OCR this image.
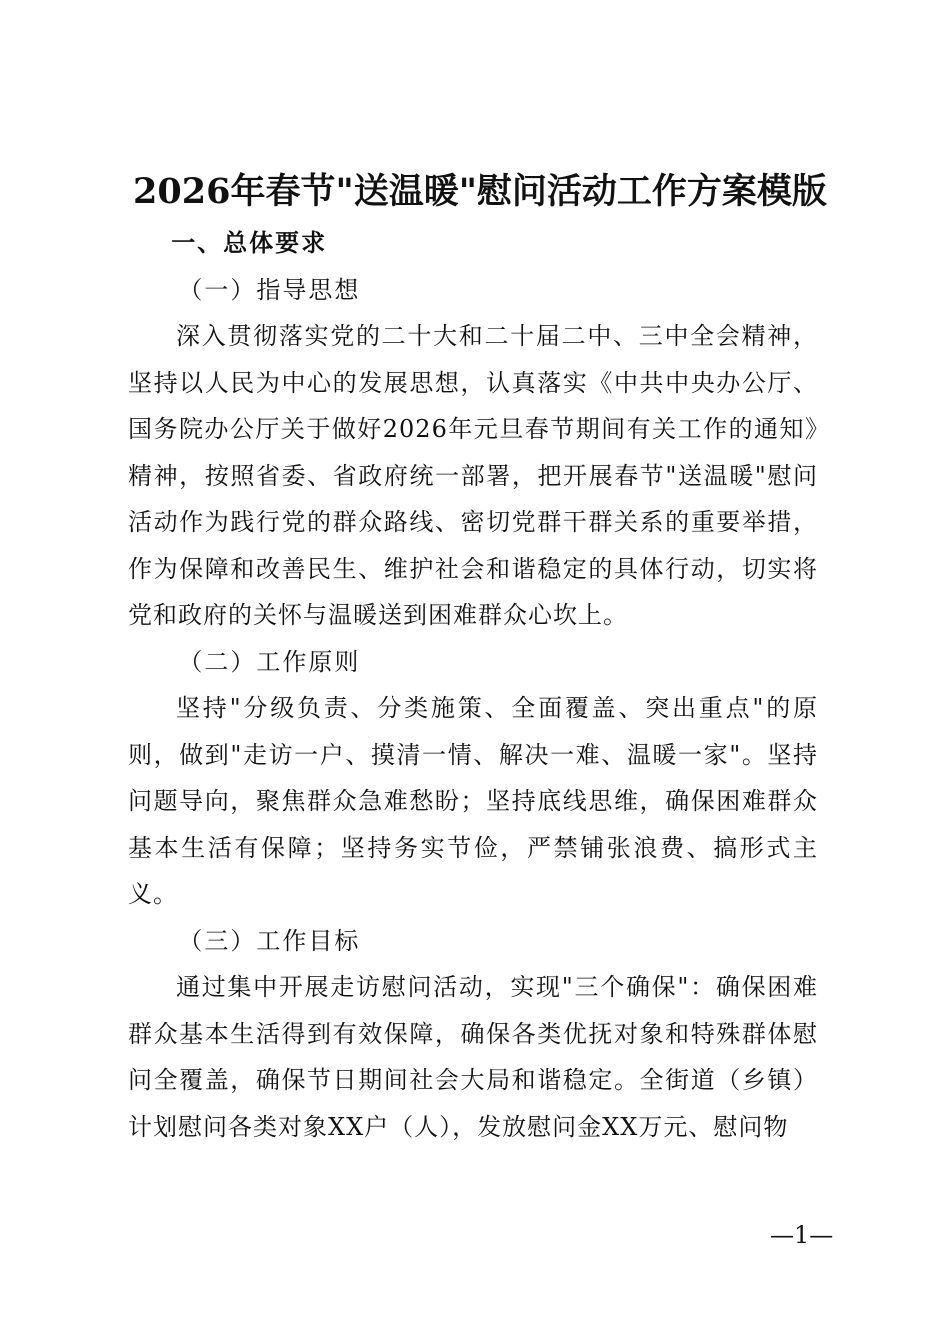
2026年春节"送温暖"慰问活动工作方案模版

一、总体要求

（一）指导思想

深入贯彻落实党的二十大和二十届二中、三中全会精神，坚持以人民为中心的发展思想，认真落实《中共中央办公厅、国务院办公厅关于做好2026年元旦春节期间有关工作的通知》精神，按照省委、省政府统一部署，把开展春节"送温暖"慰问活动作为践行党的群众路线、密切党群干群关系的重要举措，作为保障和改善民生、维护社会和谐稳定的具体行动，切实将党和政府的关怀与温暖送到困难群众心坎上。

（二）工作原则

坚持"分级负责、分类施策、全面覆盖、突出重点"的原则，做到"走访一户、摸清一情、解决一难、温暖一家"。坚持问题导向，聚焦群众急难愁盼；坚持底线思维，确保困难群众基本生活有保障；坚持务实节俭，严禁铺张浪费、搞形式主义。

（三）工作目标

通过集中开展走访慰问活动，实现"三个确保"：确保困难群众基本生活得到有效保障，确保各类优抚对象和特殊群体慰问全覆盖，确保节日期间社会大局和谐稳定。全街道（乡镇）计划慰问各类对象XX户（人），发放慰问金XX万元、慰问物

—1—
